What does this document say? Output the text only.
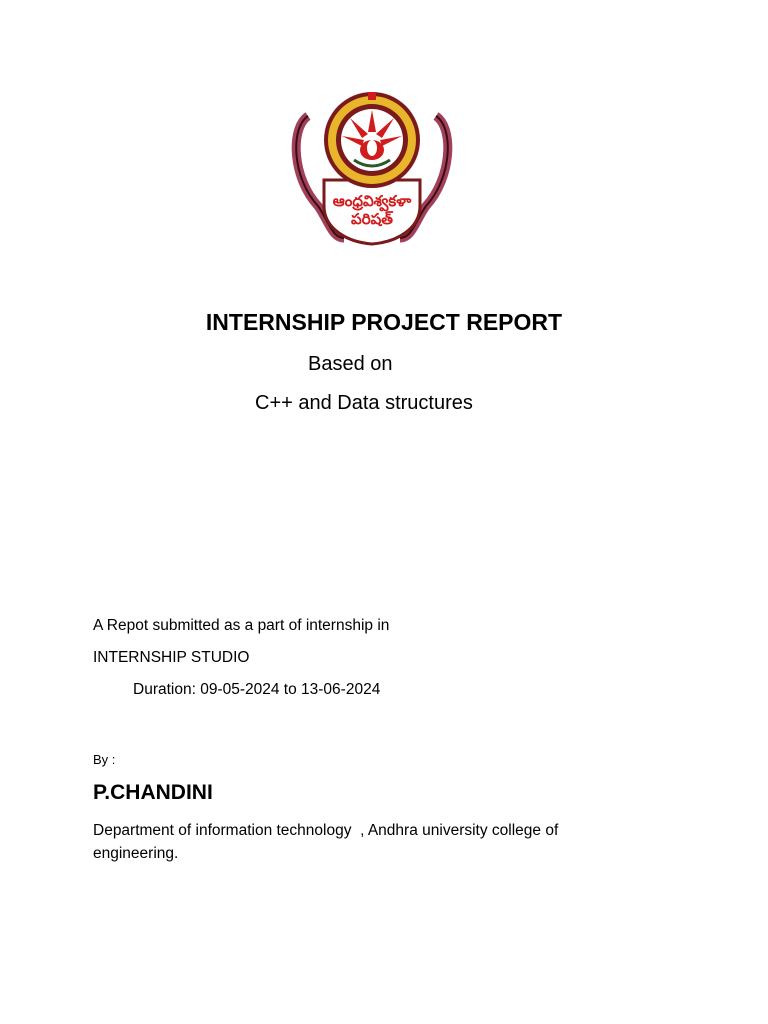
ఆంధ్రవిశ్వకళా పరిషత్
INTERNSHIP PROJECT REPORT
Based on
C++ and Data structures
A Repot submitted as a part of internship in
INTERNSHIP STUDIO
Duration: 09-05-2024 to 13-06-2024
By :
P.CHANDINI
Department of information technology  , Andhra university college of engineering.
